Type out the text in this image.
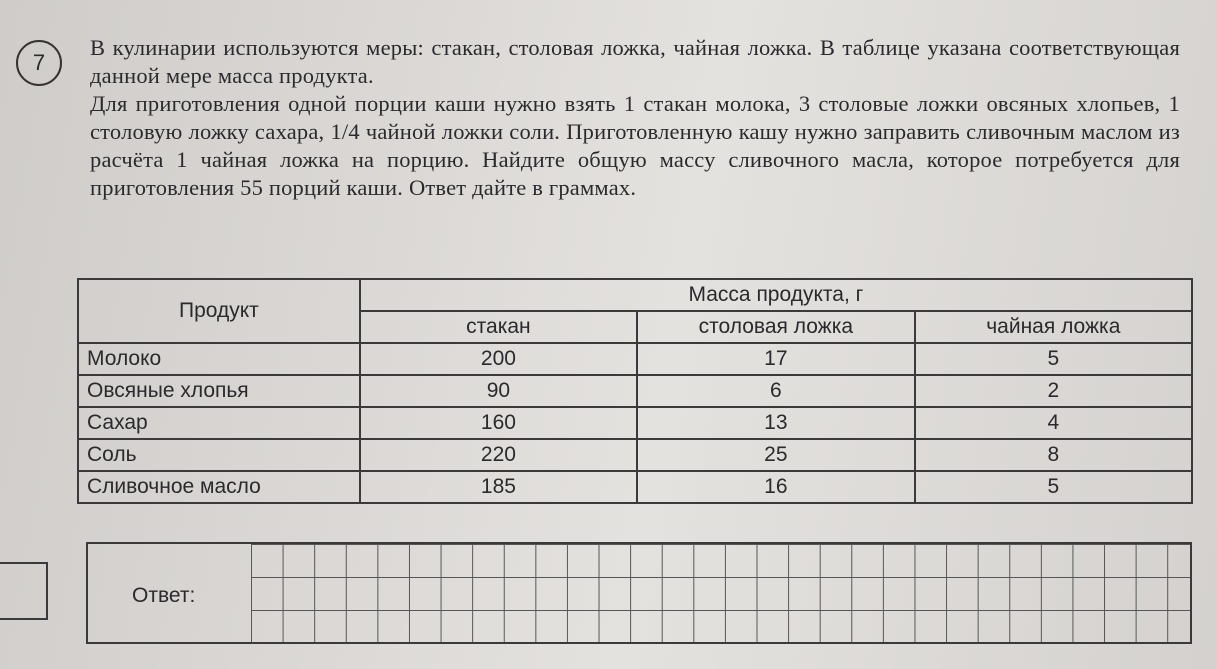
7

В кулинарии используются меры: стакан, столовая ложка, чайная ложка. В таблице указана соответствующая данной мере масса продукта.

Для приготовления одной порции каши нужно взять 1 стакан молока, 3 столовые ложки овсяных хлопьев, 1 столовую ложку сахара, 1/4 чайной ложки соли. Приготовленную кашу нужно заправить сливочным маслом из расчёта 1 чайная ложка на порцию. Найдите общую массу сливочного масла, которое потребуется для приготовления 55 порций каши. Ответ дайте в граммах.

Продукт	Масса продукта, г		
	стакан	столовая ложка	чайная ложка
Молоко	200	17	5
Овсяные хлопья	90	6	2
Сахар	160	13	4
Соль	220	25	8
Сливочное масло	185	16	5
Ответ:
